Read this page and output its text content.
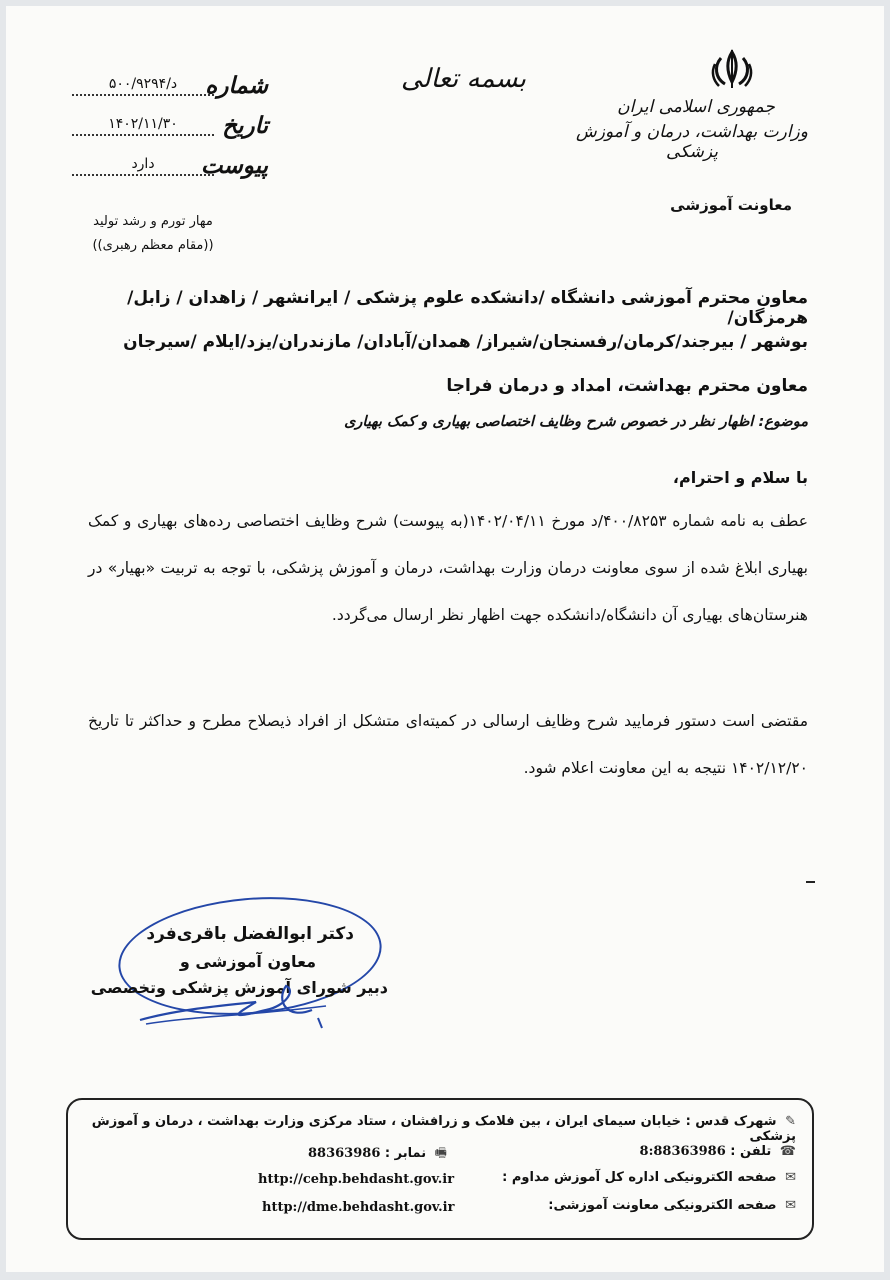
بسمه تعالی
جمهوری اسلامی ایران
وزارت بهداشت، درمان و آموزش پزشکی
معاونت آموزشی
شماره
د/۵۰۰/۹۲۹۴
تاریخ
۱۴۰۲/۱۱/۳۰
پیوست
دارد
مهار تورم و رشد تولید
((مقام معظم رهبری))
معاون محترم آموزشی دانشگاه /دانشکده علوم پزشکی / ایرانشهر / زاهدان / زابل/ هرمزگان/
بوشهر / بیرجند/کرمان/رفسنجان/شیراز/ همدان/آبادان/ مازندران/یزد/ایلام /سیرجان
معاون محترم بهداشت، امداد و درمان فراجا
موضوع: اظهار نظر در خصوص شرح وظایف اختصاصی بهیاری و کمک بهیاری
با سلام و احترام،
عطف به نامه شماره ۴۰۰/۸۲۵۳/د مورخ ۱۴۰۲/۰۴/۱۱(به پیوست) شرح وظایف اختصاصی رده‌های بهیاری و کمک بهیاری ابلاغ شده از سوی معاونت درمان وزارت بهداشت، درمان و آموزش پزشکی، با توجه به تربیت «بهیار» در هنرستان‌های بهیاری آن دانشگاه/دانشکده جهت اظهار نظر ارسال می‌گردد.
مقتضی است دستور فرمایید شرح وظایف ارسالی در کمیته‌ای متشکل از افراد ذیصلاح مطرح و حداکثر تا تاریخ ۱۴۰۲/۱۲/۲۰ نتیجه به این معاونت اعلام شود.
دکتر ابوالفضل باقری‌فرد
معاون آموزشی و
دبیر شورای آموزش پزشکی وتخصصی
✎ شهرک قدس : خیابان سیمای ایران ، بین فلامک و زرافشان ، ستاد مرکزی وزارت بهداشت ، درمان و آموزش پزشکی
☎ تلفن : 8:88363986
🖷 نمابر : 88363986
✉ صفحه الکترونیکی اداره کل آموزش مداوم :
http://cehp.behdasht.gov.ir
✉ صفحه الکترونیکی معاونت آموزشی:
http://dme.behdasht.gov.ir
